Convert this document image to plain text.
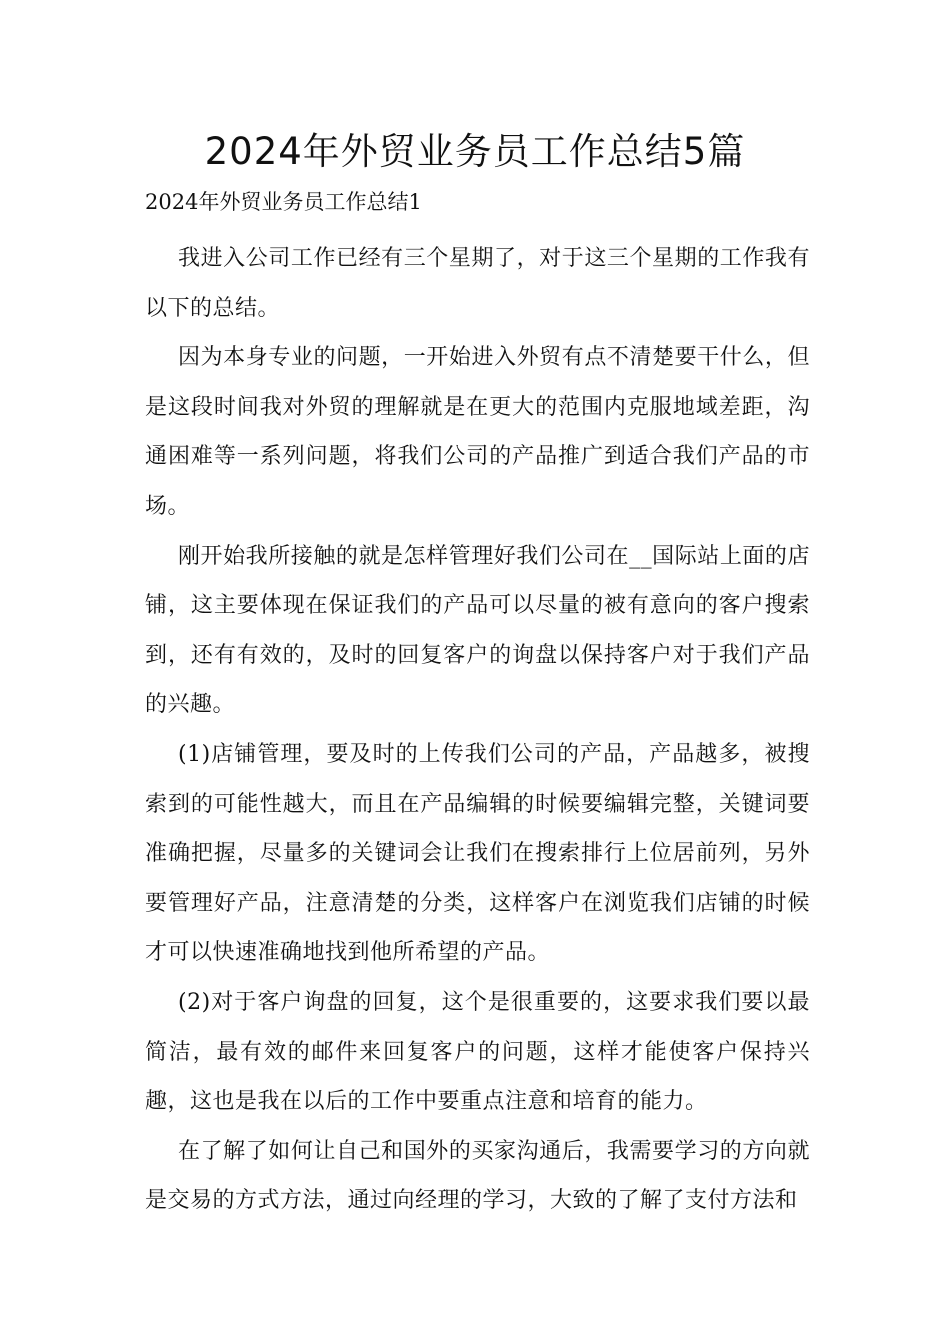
2024年外贸业务员工作总结5篇
2024年外贸业务员工作总结1

我进入公司工作已经有三个星期了，对于这三个星期的工作我有以下的总结。

因为本身专业的问题，一开始进入外贸有点不清楚要干什么，但是这段时间我对外贸的理解就是在更大的范围内克服地域差距，沟通困难等一系列问题，将我们公司的产品推广到适合我们产品的市场。

刚开始我所接触的就是怎样管理好我们公司在__国际站上面的店铺，这主要体现在保证我们的产品可以尽量的被有意向的客户搜索到，还有有效的，及时的回复客户的询盘以保持客户对于我们产品的兴趣。

(1)店铺管理，要及时的上传我们公司的产品，产品越多，被搜索到的可能性越大，而且在产品编辑的时候要编辑完整，关键词要准确把握，尽量多的关键词会让我们在搜索排行上位居前列，另外要管理好产品，注意清楚的分类，这样客户在浏览我们店铺的时候才可以快速准确地找到他所希望的产品。

(2)对于客户询盘的回复，这个是很重要的，这要求我们要以最简洁，最有效的邮件来回复客户的问题，这样才能使客户保持兴趣，这也是我在以后的工作中要重点注意和培育的能力。

在了解了如何让自己和国外的买家沟通后，我需要学习的方向就是交易的方式方法，通过向经理的学习，大致的了解了支付方法和
